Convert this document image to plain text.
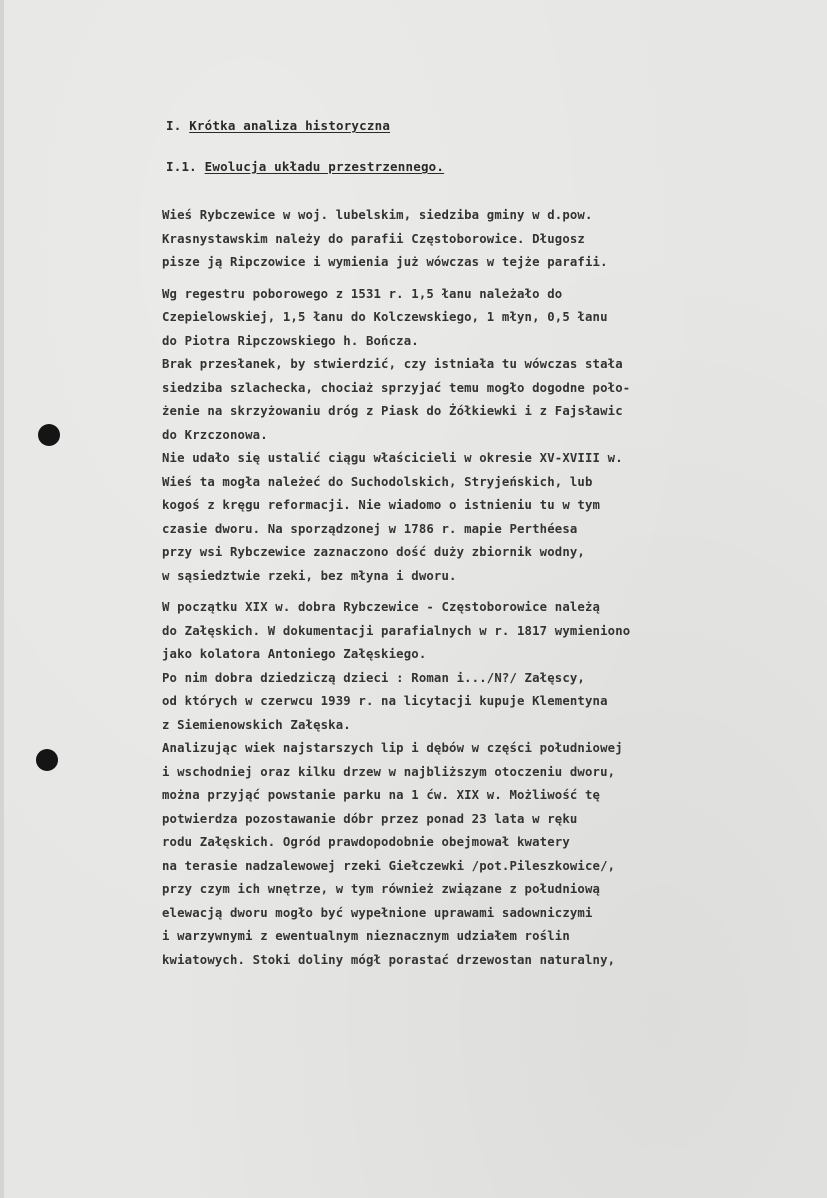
I. Krótka analiza historyczna
I.1. Ewolucja układu przestrzennego.
Wieś Rybczewice w woj. lubelskim, siedziba gminy w d.pow.
Krasnystawskim należy do parafii Częstoborowice. Długosz
pisze ją Ripczowice i wymienia już wówczas w tejże parafii.
Wg regestru poborowego z 1531 r. 1,5 łanu należało do
Czepielowskiej, 1,5 łanu do Kolczewskiego, 1 młyn, 0,5 łanu
do Piotra Ripczowskiego h. Bończa.
Brak przesłanek, by stwierdzić, czy istniała tu wówczas stała
siedziba szlachecka, chociaż sprzyjać temu mogło dogodne poło-
żenie na skrzyżowaniu dróg z Piask do Żółkiewki i z Fajsławic
do Krzczonowa.
Nie udało się ustalić ciągu właścicieli w okresie XV-XVIII w.
Wieś ta mogła należeć do Suchodolskich, Stryjeńskich, lub
kogoś z kręgu reformacji. Nie wiadomo o istnieniu tu w tym
czasie dworu. Na sporządzonej w 1786 r. mapie Perthéesa
przy wsi Rybczewice zaznaczono dość duży zbiornik wodny,
w sąsiedztwie rzeki, bez młyna i dworu.
W początku XIX w. dobra Rybczewice - Częstoborowice należą
do Załęskich. W dokumentacji parafialnych w r. 1817 wymieniono
jako kolatora Antoniego Załęskiego.
Po nim dobra dziedziczą dzieci : Roman i.../N?/ Załęscy,
od których w czerwcu 1939 r. na licytacji kupuje Klementyna
z Siemienowskich Załęska.
Analizując wiek najstarszych lip i dębów w części południowej
i wschodniej oraz kilku drzew w najbliższym otoczeniu dworu,
można przyjąć powstanie parku na 1 ćw. XIX w. Możliwość tę
potwierdza pozostawanie dóbr przez ponad 23 lata w ręku
rodu Załęskich. Ogród prawdopodobnie obejmował kwatery
na terasie nadzalewowej rzeki Giełczewki /pot.Pileszkowice/,
przy czym ich wnętrze, w tym również związane z południową
elewacją dworu mogło być wypełnione uprawami sadowniczymi
i warzywnymi z ewentualnym nieznacznym udziałem roślin
kwiatowych. Stoki doliny mógł porastać drzewostan naturalny,
